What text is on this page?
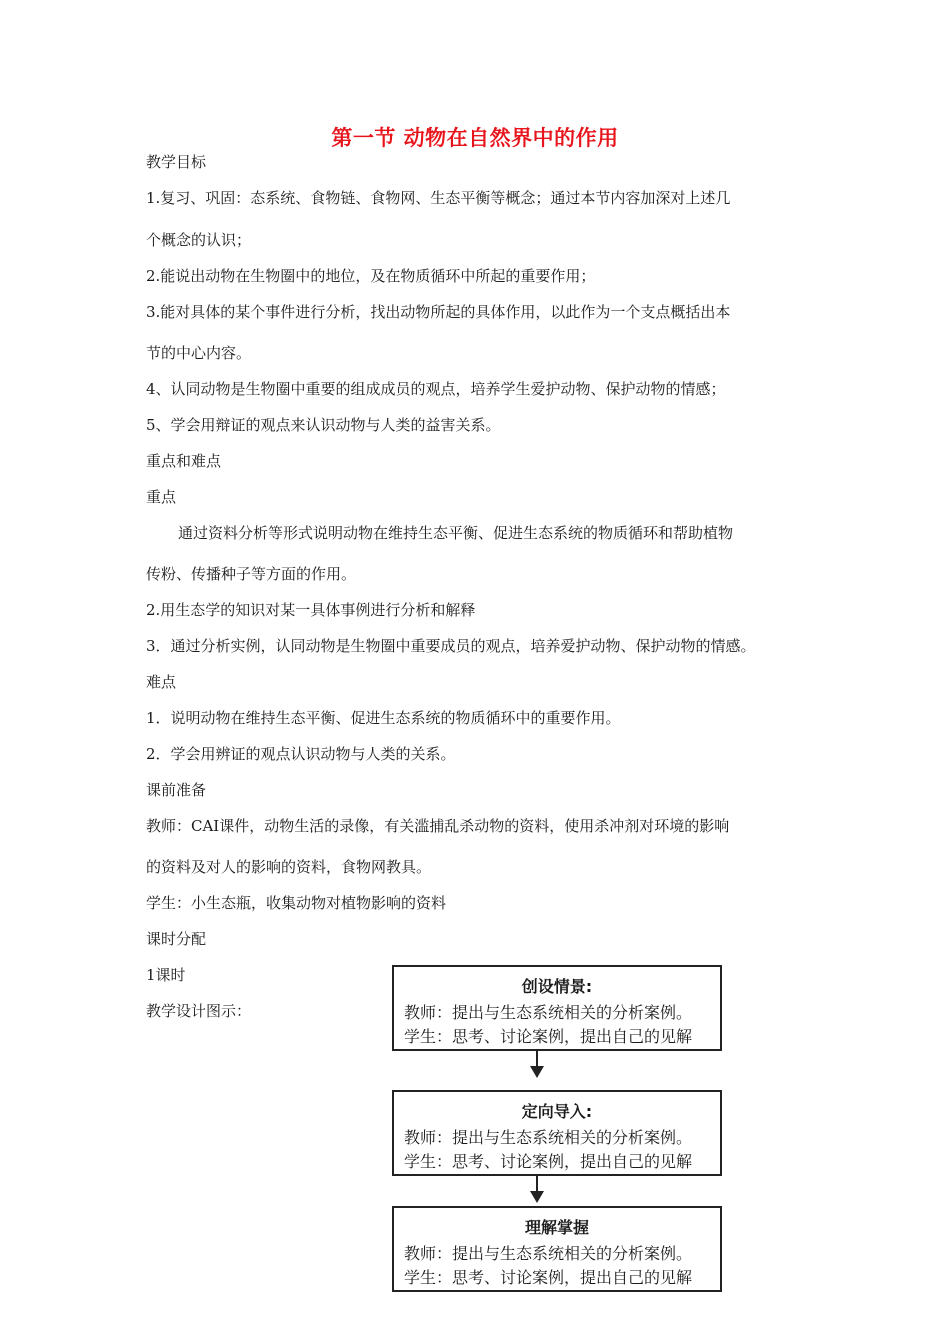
第一节 动物在自然界中的作用
教学目标
1.复习、巩固：态系统、食物链、食物网、生态平衡等概念；通过本节内容加深对上述几
个概念的认识；
2.能说出动物在生物圈中的地位，及在物质循环中所起的重要作用；
3.能对具体的某个事件进行分析，找出动物所起的具体作用，以此作为一个支点概括出本
节的中心内容。
4、认同动物是生物圈中重要的组成成员的观点，培养学生爱护动物、保护动物的情感；
5、学会用辩证的观点来认识动物与人类的益害关系。
重点和难点
重点
通过资料分析等形式说明动物在维持生态平衡、促进生态系统的物质循环和帮助植物
传粉、传播种子等方面的作用。
2.用生态学的知识对某一具体事例进行分析和解释
3．通过分析实例，认同动物是生物圈中重要成员的观点，培养爱护动物、保护动物的情感。
难点
1．说明动物在维持生态平衡、促进生态系统的物质循环中的重要作用。
2．学会用辨证的观点认识动物与人类的关系。
课前准备
教师：CAI课件，动物生活的录像，有关滥捕乱杀动物的资料，使用杀冲剂对环境的影响
的资料及对人的影响的资料，食物网教具。
学生：小生态瓶，收集动物对植物影响的资料
课时分配
1课时
教学设计图示：
创设情景:
教师：提出与生态系统相关的分析案例。
学生：思考、讨论案例，提出自己的见解
定向导入:
教师：提出与生态系统相关的分析案例。
学生：思考、讨论案例，提出自己的见解
理解掌握
教师：提出与生态系统相关的分析案例。
学生：思考、讨论案例，提出自己的见解
